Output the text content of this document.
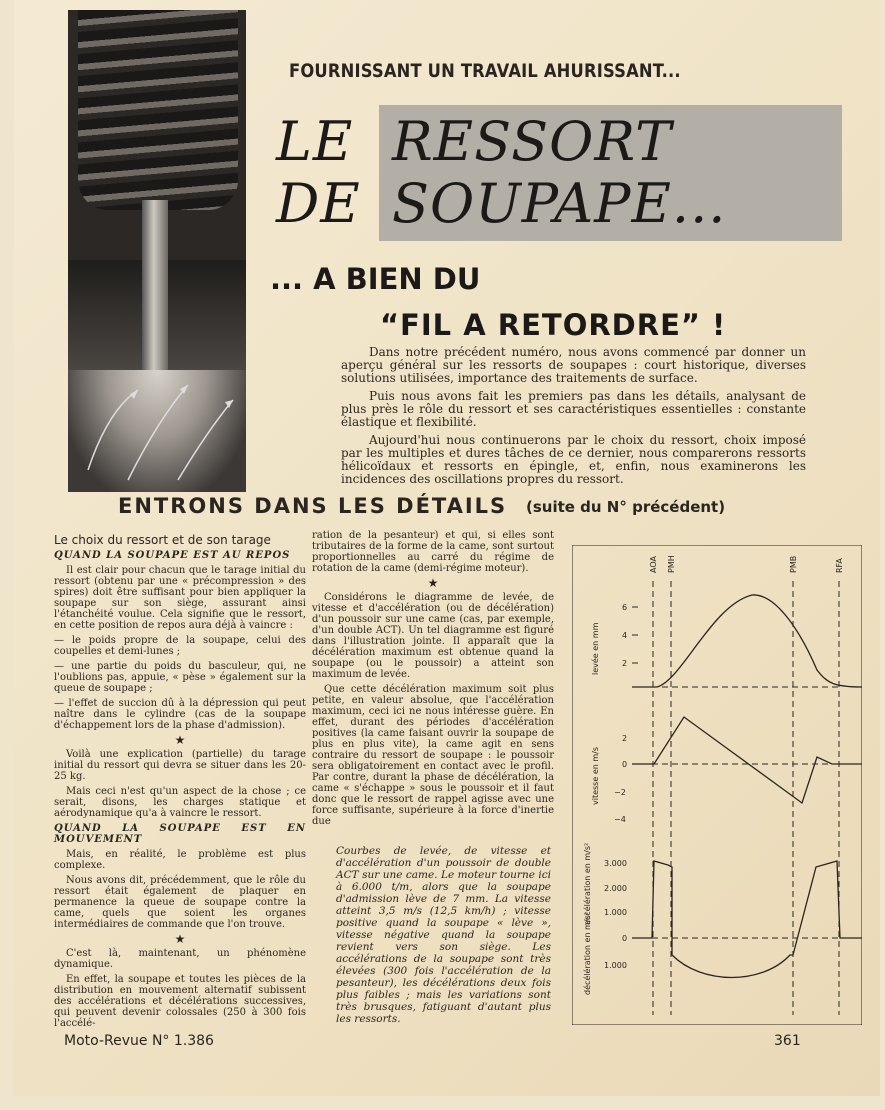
FOURNISSANT UN TRAVAIL AHURISSANT...
LE RESSORT
DE SOUPAPE...
... A BIEN DU
“FIL A RETORDRE” !

Dans notre précédent numéro, nous avons commencé par donner un aperçu général sur les ressorts de soupapes : court historique, diverses solutions utilisées, importance des traitements de surface.

Puis nous avons fait les premiers pas dans les détails, analysant de plus près le rôle du ressort et ses caractéristiques essentielles : constante élastique et flexibilité.

Aujourd'hui nous continuerons par le choix du ressort, choix imposé par les multiples et dures tâches de ce dernier, nous comparerons ressorts hélicoïdaux et ressorts en épingle, et, enfin, nous examinerons les incidences des oscillations propres du ressort.

ENTRONS DANS LES DÉTAILS (suite du N° précédent)
Le choix du ressort et de son tarage
QUAND LA SOUPAPE EST AU REPOS

Il est clair pour chacun que le tarage initial du ressort (obtenu par une « précompression » des spires) doit être suffisant pour bien appliquer la soupape sur son siège, assurant ainsi l'étanchéité voulue. Cela signifie que le ressort, en cette position de repos aura déjà à vaincre :

— le poids propre de la soupape, celui des coupelles et demi-lunes ;

— une partie du poids du basculeur, qui, ne l'oublions pas, appuie, « pèse » également sur la queue de soupape ;

— l'effet de succion dû à la dépression qui peut naître dans le cylindre (cas de la soupape d'échappement lors de la phase d'admission).

★

Voilà une explication (partielle) du tarage initial du ressort qui devra se situer dans les 20-25 kg.

Mais ceci n'est qu'un aspect de la chose ; ce serait, disons, les charges statique et aérodynamique qu'a à vaincre le ressort.

QUAND LA SOUPAPE EST EN MOUVEMENT

Mais, en réalité, le problème est plus complexe.

Nous avons dit, précédemment, que le rôle du ressort était également de plaquer en permanence la queue de soupape contre la came, quels que soient les organes intermédiaires de commande que l'on trouve.

★

C'est là, maintenant, un phénomène dynamique.

En effet, la soupape et toutes les pièces de la distribution en mouvement alternatif subissent des accélérations et décélérations successives, qui peuvent devenir colossales (250 à 300 fois l'accélé-

ration de la pesanteur) et qui, si elles sont tributaires de la forme de la came, sont surtout proportionnelles au carré du régime de rotation de la came (demi-régime moteur).

★

Considérons le diagramme de levée, de vitesse et d'accélération (ou de décélération) d'un poussoir sur une came (cas, par exemple, d'un double ACT). Un tel diagramme est figuré dans l'illustration jointe. Il apparaît que la décélération maximum est obtenue quand la soupape (ou le poussoir) a atteint son maximum de levée.

Que cette décélération maximum soit plus petite, en valeur absolue, que l'accélération maximum, ceci ici ne nous intéresse guère. En effet, durant des périodes d'accélération positives (la came faisant ouvrir la soupape de plus en plus vite), la came agit en sens contraire du ressort de soupape : le poussoir sera obligatoirement en contact avec le profil. Par contre, durant la phase de décélération, la came « s'échappe » sous le poussoir et il faut donc que le ressort de rappel agisse avec une force suffisante, supérieure à la force d'inertie due

Courbes de levée, de vitesse et d'accélération d'un poussoir de double ACT sur une came. Le moteur tourne ici à 6.000 t/m, alors que la soupape d'admission lève de 7 mm. La vitesse atteint 3,5 m/s (12,5 km/h) ; vitesse positive quand la soupape « lève », vitesse négative quand la soupape revient vers son siège. Les accélérations de la soupape sont très élevées (300 fois l'accélération de la pesanteur), les décélérations deux fois plus faibles ; mais les variations sont très brusques, fatiguant d'autant plus les ressorts.
AOA PMH	PMB	RFA
levée en mm
6
4
2
vitesse en m/s
2
0
−2
−4
accélération en m/s²
décélération en m/s²
3.000
2.000
1.000
0
1.000
Moto-Revue N° 1.386	361
